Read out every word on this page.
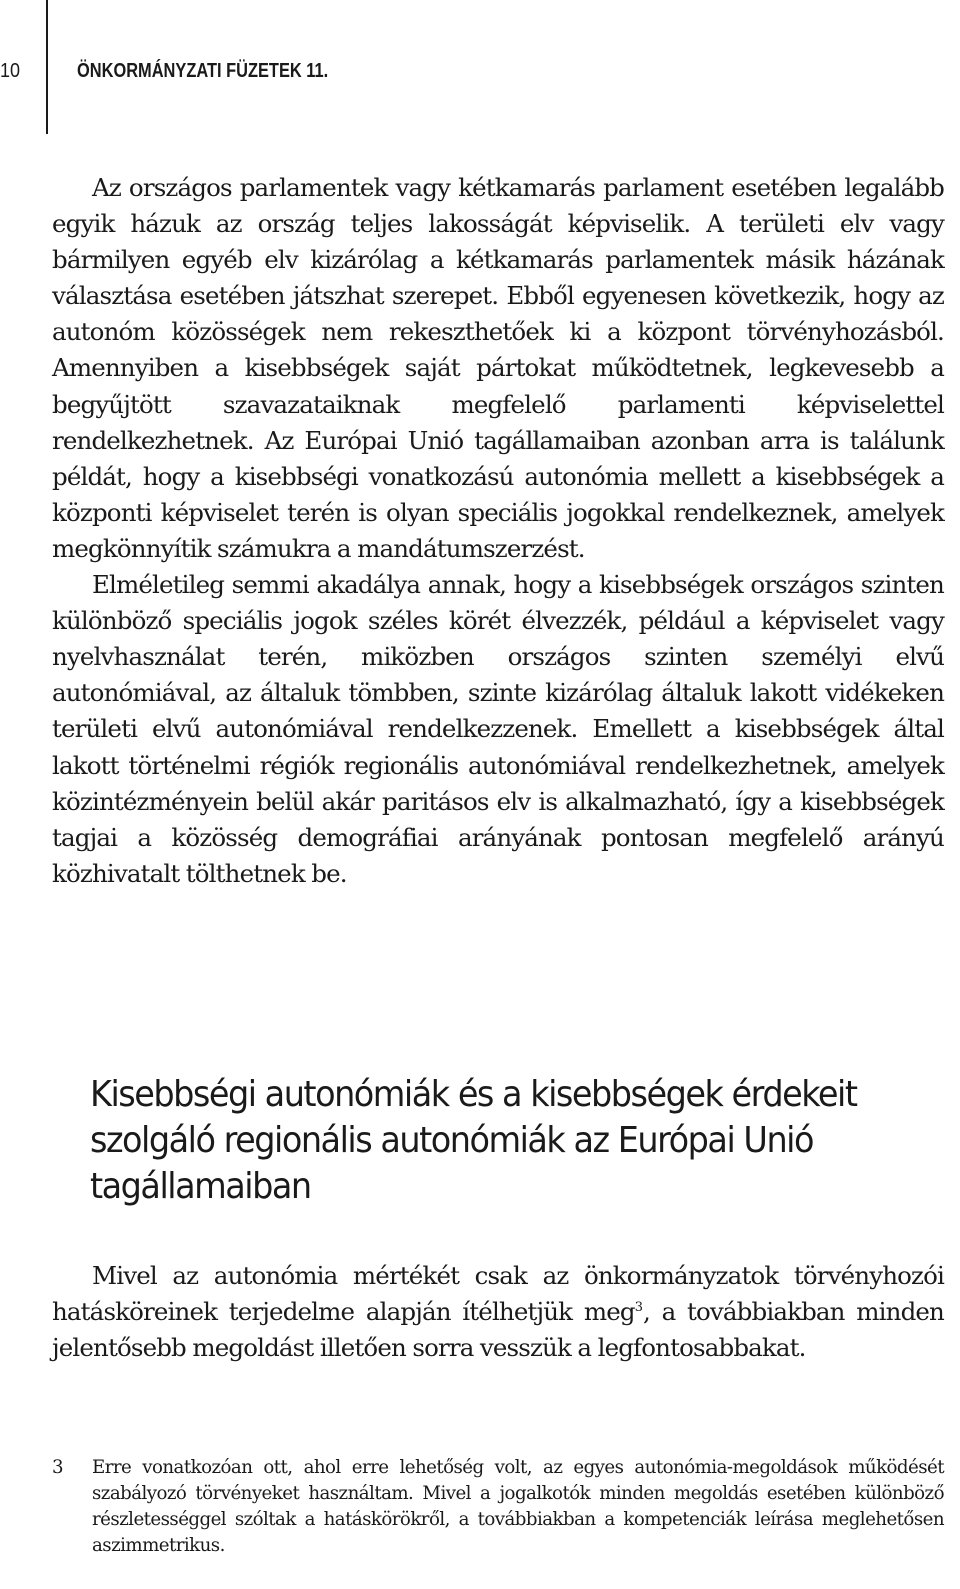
10	ÖNKORMÁNYZATI FÜZETEK 11.

Az országos parlamentek vagy kétkamarás parlament esetében legalább egyik házuk az ország teljes lakosságát képviselik. A területi elv vagy bármilyen egyéb elv kizárólag a kétkamarás parlamentek másik házának választása esetében játszhat szerepet. Ebből egyenesen következik, hogy az autonóm közösségek nem rekeszthetőek ki a központ törvényhozásból. Amennyiben a kisebbségek saját pártokat működtetnek, legkevesebb a begyűjtött szavazataiknak megfelelő parlamenti képviselettel rendelkezhetnek. Az Európai Unió tagállamaiban azonban arra is találunk példát, hogy a kisebbségi vonatkozású autonómia mellett a kisebbségek a központi képviselet terén is olyan speciális jogokkal rendelkeznek, amelyek megkönnyítik számukra a mandátumszerzést.

Elméletileg semmi akadálya annak, hogy a kisebbségek országos szinten különböző speciális jogok széles körét élvezzék, például a képviselet vagy nyelvhasználat terén, miközben országos szinten személyi elvű autonómiával, az általuk tömbben, szinte kizárólag általuk lakott vidékeken területi elvű autonómiával rendelkezzenek. Emellett a kisebbségek által lakott történelmi régiók regionális autonómiával rendelkezhetnek, amelyek közintézményein belül akár paritásos elv is alkalmazható, így a kisebbségek tagjai a közösség demográfiai arányának pontosan megfelelő arányú közhivatalt tölthetnek be.

Kisebbségi autonómiák és a kisebbségek érdekeit szolgáló regionális autonómiák az Európai Unió tagállamaiban

Mivel az autonómia mértékét csak az önkormányzatok törvényhozói hatásköreinek terjedelme alapján ítélhetjük meg$^3$, a továbbiakban minden jelentősebb megoldást illetően sorra vesszük a legfontosabbakat.

3	Erre vonatkozóan ott, ahol erre lehetőség volt, az egyes autonómia-megoldások működését szabályozó törvényeket használtam. Mivel a jogalkotók minden megoldás esetében különböző részletességgel szóltak a hatáskörökről, a továbbiakban a kompetenciák leírása meglehetősen aszimmetrikus.
